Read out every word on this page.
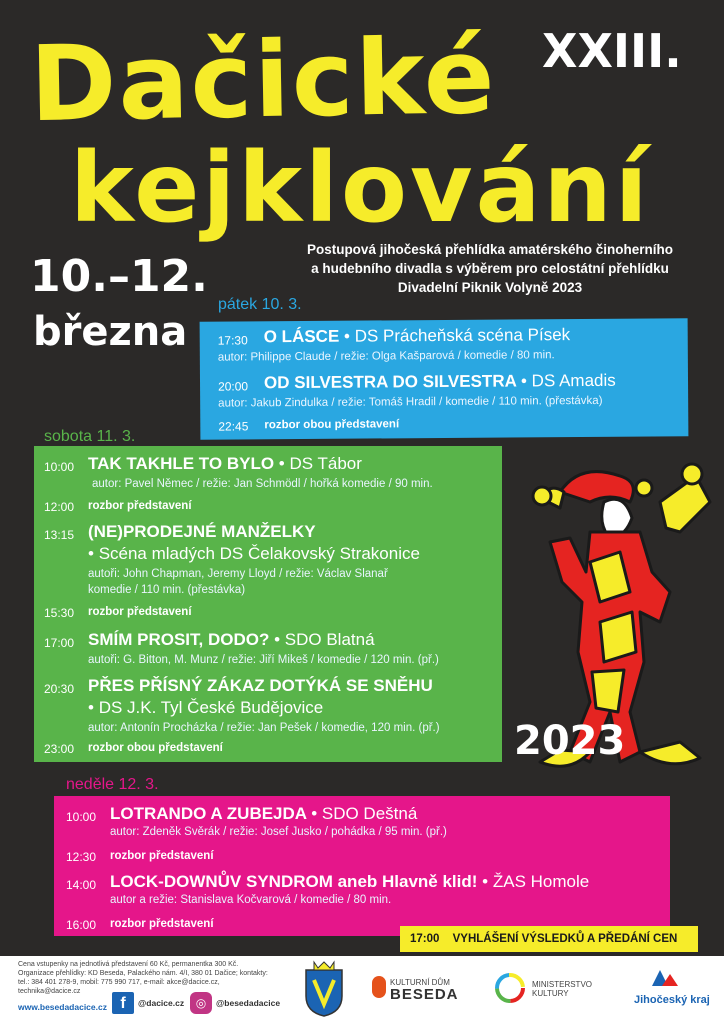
Dačické
kejklování
XXIII.
10.–12.
března
Postupová jihočeská přehlídka amatérského činoherního
a hudebního divadla s výběrem pro celostátní přehlídku
Divadelní Piknik Volyně 2023
pátek 10. 3.
17:30 O LÁSCE • DS Prácheňská scéna Písek
autor: Philippe Claude / režie: Olga Kašparová / komedie / 80 min.
20:00 OD SILVESTRA DO SILVESTRA • DS Amadis
autor: Jakub Zindulka / režie: Tomáš Hradil / komedie / 110 min. (přestávka)
22:45 rozbor obou představení
sobota 11. 3.
10:00 TAK TAKHLE TO BYLO • DS Tábor
autor: Pavel Němec / režie: Jan Schmödl / hořká komedie / 90 min.
12:00 rozbor představení
13:15 (NE)PRODEJNÉ MANŽELKY
• Scéna mladých DS Čelakovský Strakonice
autoři: John Chapman, Jeremy Lloyd / režie: Václav Slanař
komedie / 110 min. (přestávka)
15:30 rozbor představení
17:00 SMÍM PROSIT, DODO? • SDO Blatná
autoři: G. Bitton, M. Munz / režie: Jiří Mikeš / komedie / 120 min. (př.)
20:30 PŘES PŘÍSNÝ ZÁKAZ DOTÝKÁ SE SNĚHU
• DS J.K. Tyl České Budějovice
autor: Antonín Procházka / režie: Jan Pešek / komedie, 120 min. (př.)
23:00 rozbor obou představení	2023
neděle 12. 3.
10:00 LOTRANDO A ZUBEJDA • SDO Deštná
autor: Zdeněk Svěrák / režie: Josef Jusko / pohádka / 95 min. (př.)
12:30 rozbor představení
14:00 LOCK-DOWNŮV SYNDROM aneb Hlavně klid! • ŽAS Homole
autor a režie: Stanislava Kočvarová / komedie / 80 min.
16:00 rozbor představení
17:00 VYHLÁŠENÍ VÝSLEDKŮ A PŘEDÁNÍ CEN
Cena vstupenky na jednotlivá představení 60 Kč, permanentka 300 Kč.
Organizace přehlídky: KD Beseda, Palackého nám. 4/I, 380 01 Dačice; kontakty:
tel.: 384 401 278-9, mobil: 775 990 717, e-mail: akce@dacice.cz, technika@dacice.cz
www.besedadacice.cz f	@dacice.cz ◎	@besedadacice
KULTURNÍ DŮM
BESEDA
MINISTERSTVO
KULTURY
Jihočeský kraj
